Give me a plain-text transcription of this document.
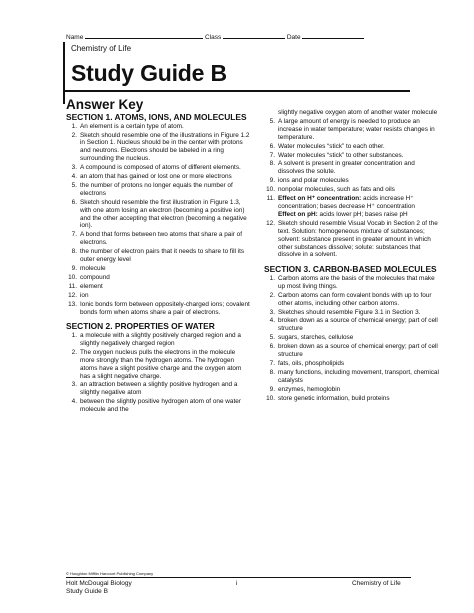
Name	Class	Date
Chemistry of Life
Study Guide B
Answer Key
SECTION 1. ATOMS, IONS, AND MOLECULES
1. An element is a certain type of atom.
2. Sketch should resemble one of the illustrations in Figure 1.2 in Section 1. Nucleus should be in the center with protons and neutrons. Electrons should be labeled in a ring surrounding the nucleus.
3. A compound is composed of atoms of different elements.
4. an atom that has gained or lost one or more electrons
5. the number of protons no longer equals the number of electrons
6. Sketch should resemble the first illustration in Figure 1.3, with one atom losing an electron (becoming a positive ion) and the other accepting that electron (becoming a negative ion).
7. A bond that forms between two atoms that share a pair of electrons.
8. the number of electron pairs that it needs to share to fill its outer energy level
9. molecule
10. compound
11. element
12. ion
13. Ionic bonds form between oppositely-charged ions; covalent bonds form when atoms share a pair of electrons.
SECTION 2. PROPERTIES OF WATER
1. a molecule with a slightly positively charged region and a slightly negatively charged region
2. The oxygen nucleus pulls the electrons in the molecule more strongly than the hydrogen atoms. The hydrogen atoms have a slight positive charge and the oxygen atom has a slight negative charge.
3. an attraction between a slightly positive hydrogen and a slightly negative atom
4. between the slightly positive hydrogen atom of one water molecule and the
slightly negative oxygen atom of another water molecule
5. A large amount of energy is needed to produce an increase in water temperature; water resists changes in temperature.
6. Water molecules “stick” to each other.
7. Water molecules “stick” to other substances.
8. A solvent is present in greater concentration and dissolves the solute.
9. ions and polar molecules
10. nonpolar molecules, such as fats and oils
11. Effect on H⁺ concentration: acids increase H⁺ concentration; bases decrease H⁺ concentration
Effect on pH: acids lower pH; bases raise pH
12. Sketch should resemble Visual Vocab in Section 2 of the text. Solution: homogeneous mixture of substances; solvent: substance present in greater amount in which other substances dissolve; solute: substances that dissolve in a solvent.
SECTION 3. CARBON-BASED MOLECULES
1. Carbon atoms are the basis of the molecules that make up most living things.
2. Carbon atoms can form covalent bonds with up to four other atoms, including other carbon atoms.
3. Sketches should resemble Figure 3.1 in Section 3.
4. broken down as a source of chemical energy; part of cell structure
5. sugars, starches, cellulose
6. broken down as a source of chemical energy; part of cell structure
7. fats, oils, phospholipids
8. many functions, including movement, transport, chemical catalysts
9. enzymes, hemoglobin
10. store genetic information, build proteins
© Houghton Mifflin Harcourt Publishing Company
Holt McDougal Biology
Study Guide B
i	Chemistry of Life
